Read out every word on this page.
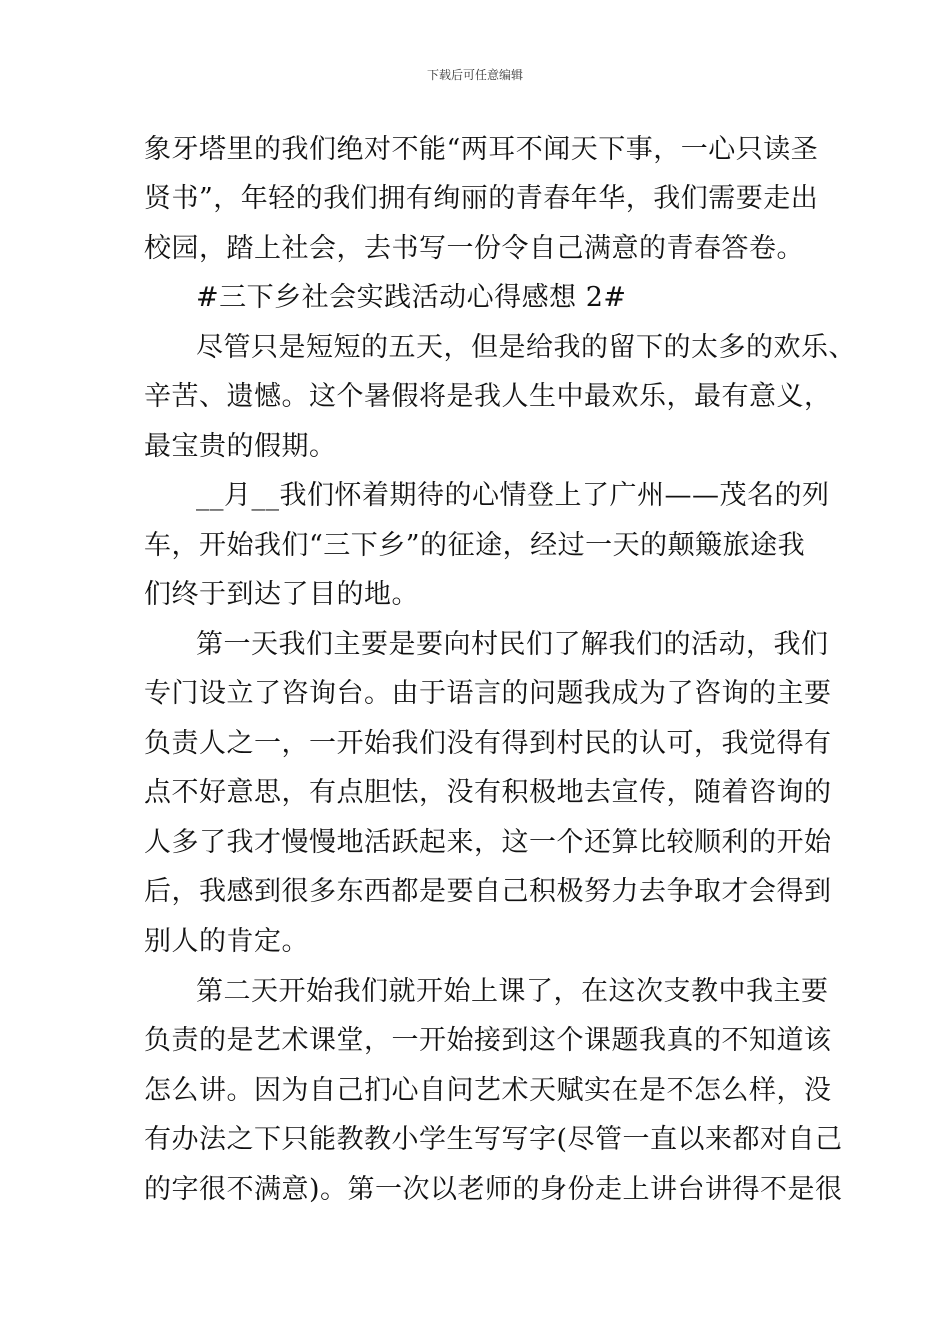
下载后可任意编辑
象牙塔里的我们绝对不能“两耳不闻天下事，一心只读圣
贤书”，年轻的我们拥有绚丽的青春年华，我们需要走出
校园，踏上社会，去书写一份令自己满意的青春答卷。
#三下乡社会实践活动心得感想 2#
尽管只是短短的五天，但是给我的留下的太多的欢乐、
辛苦、遗憾。这个暑假将是我人生中最欢乐，最有意义，
最宝贵的假期。
__月__我们怀着期待的心情登上了广州——茂名的列
车，开始我们“三下乡”的征途，经过一天的颠簸旅途我
们终于到达了目的地。
第一天我们主要是要向村民们了解我们的活动，我们
专门设立了咨询台。由于语言的问题我成为了咨询的主要
负责人之一，一开始我们没有得到村民的认可，我觉得有
点不好意思，有点胆怯，没有积极地去宣传，随着咨询的
人多了我才慢慢地活跃起来，这一个还算比较顺利的开始
后，我感到很多东西都是要自己积极努力去争取才会得到
别人的肯定。
第二天开始我们就开始上课了，在这次支教中我主要
负责的是艺术课堂，一开始接到这个课题我真的不知道该
怎么讲。因为自己扪心自问艺术天赋实在是不怎么样，没
有办法之下只能教教小学生写写字(尽管一直以来都对自己
的字很不满意)。第一次以老师的身份走上讲台讲得不是很
